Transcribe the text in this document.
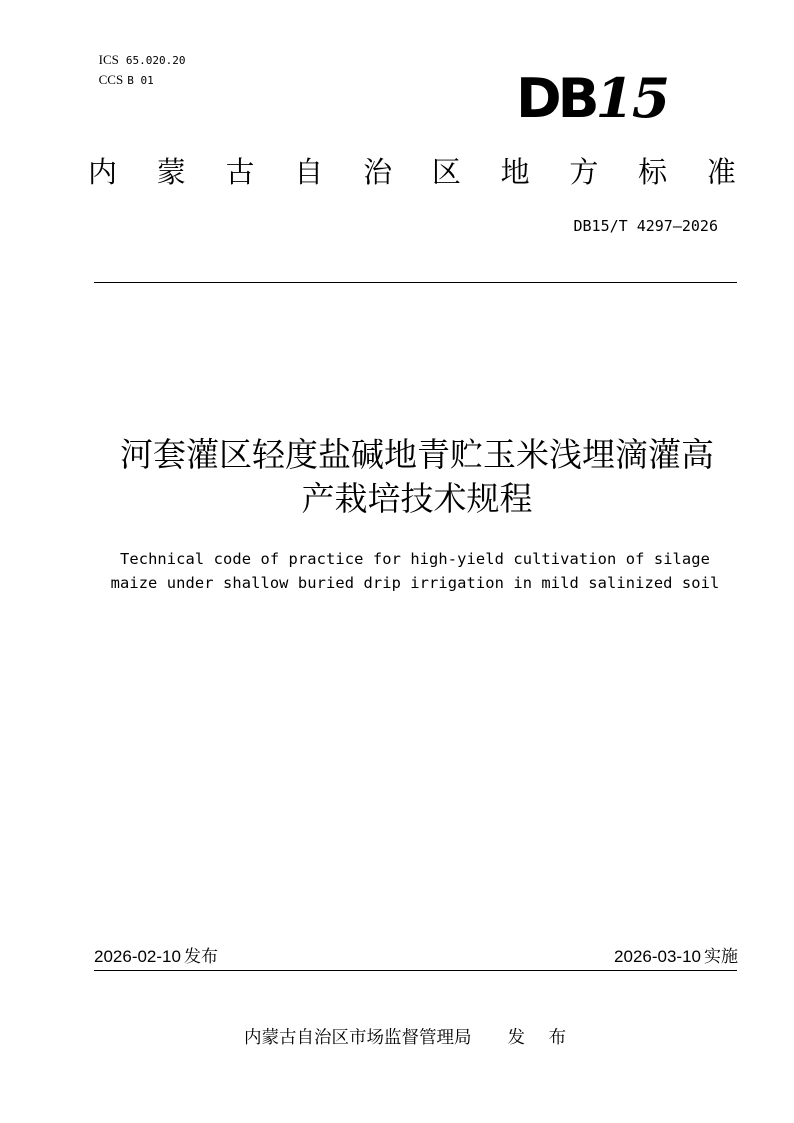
ICS 65.020.20

CCS B 01	DB15
内 蒙 古 自 治 区 地 方 标 准
DB15/T 4297—2026
河套灌区轻度盐碱地青贮玉米浅埋滴灌高
产栽培技术规程
Technical code of practice for high-yield cultivation of silage
maize under shallow buried drip irrigation in mild salinized soil
2026-02-10 发布	2026-03-10 实施
内蒙古自治区市场监督管理局 发 布
